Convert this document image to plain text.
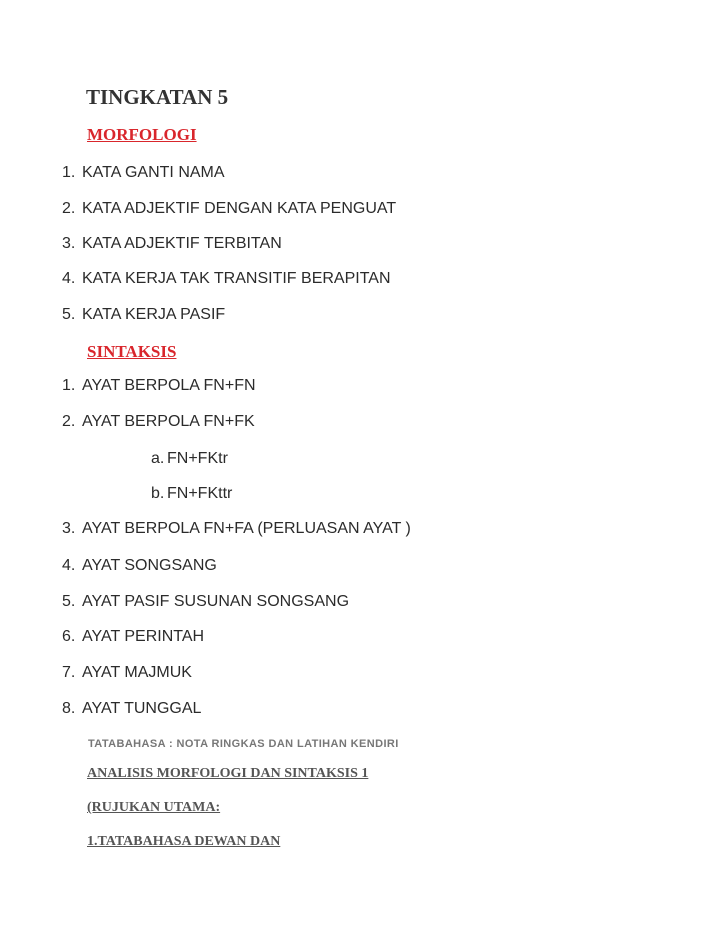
TINGKATAN 5
MORFOLOGI
1. KATA GANTI NAMA
2. KATA ADJEKTIF DENGAN KATA PENGUAT
3. KATA ADJEKTIF TERBITAN
4. KATA KERJA TAK TRANSITIF BERAPITAN
5. KATA KERJA PASIF
SINTAKSIS
1. AYAT BERPOLA FN+FN
2. AYAT BERPOLA FN+FK
a. FN+FKtr
b. FN+FKttr
3. AYAT BERPOLA FN+FA (PERLUASAN AYAT )
4. AYAT SONGSANG
5. AYAT PASIF SUSUNAN SONGSANG
6. AYAT PERINTAH
7. AYAT MAJMUK
8. AYAT TUNGGAL
TATABAHASA : NOTA RINGKAS DAN LATIHAN KENDIRI
ANALISIS MORFOLOGI DAN SINTAKSIS 1
(RUJUKAN UTAMA:
1.TATABAHASA DEWAN DAN
